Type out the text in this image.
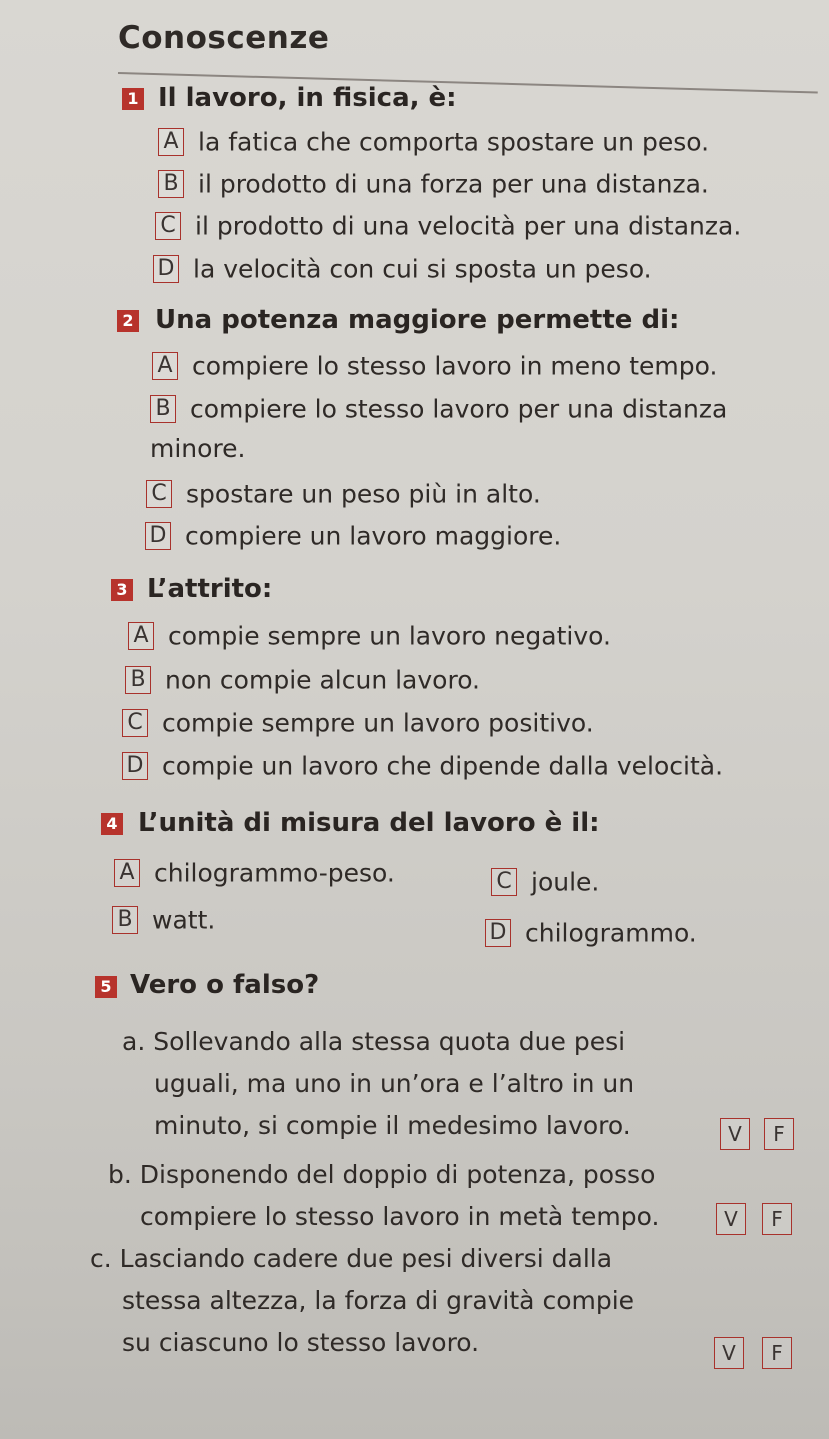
Conoscenze
1 Il lavoro, in fisica, è:
A la fatica che comporta spostare un peso.
B il prodotto di una forza per una distanza.
C il prodotto di una velocità per una distanza.
D la velocità con cui si sposta un peso.
2 Una potenza maggiore permette di:
A compiere lo stesso lavoro in meno tempo.
B compiere lo stesso lavoro per una distanza
minore.
C spostare un peso più in alto.
D compiere un lavoro maggiore.
3 L’attrito:
A compie sempre un lavoro negativo.
B non compie alcun lavoro.
C compie sempre un lavoro positivo.
D compie un lavoro che dipende dalla velocità.
4 L’unità di misura del lavoro è il:
A chilogrammo-peso.	C joule.
B watt.	D chilogrammo.
5 Vero o falso?
a. Sollevando alla stessa quota due pesi
uguali, ma uno in un’ora e l’altro in un
minuto, si compie il medesimo lavoro.	V	F
b. Disponendo del doppio di potenza, posso
compiere lo stesso lavoro in metà tempo.	V	F
c. Lasciando cadere due pesi diversi dalla
stessa altezza, la forza di gravità compie
su ciascuno lo stesso lavoro.	V	F
